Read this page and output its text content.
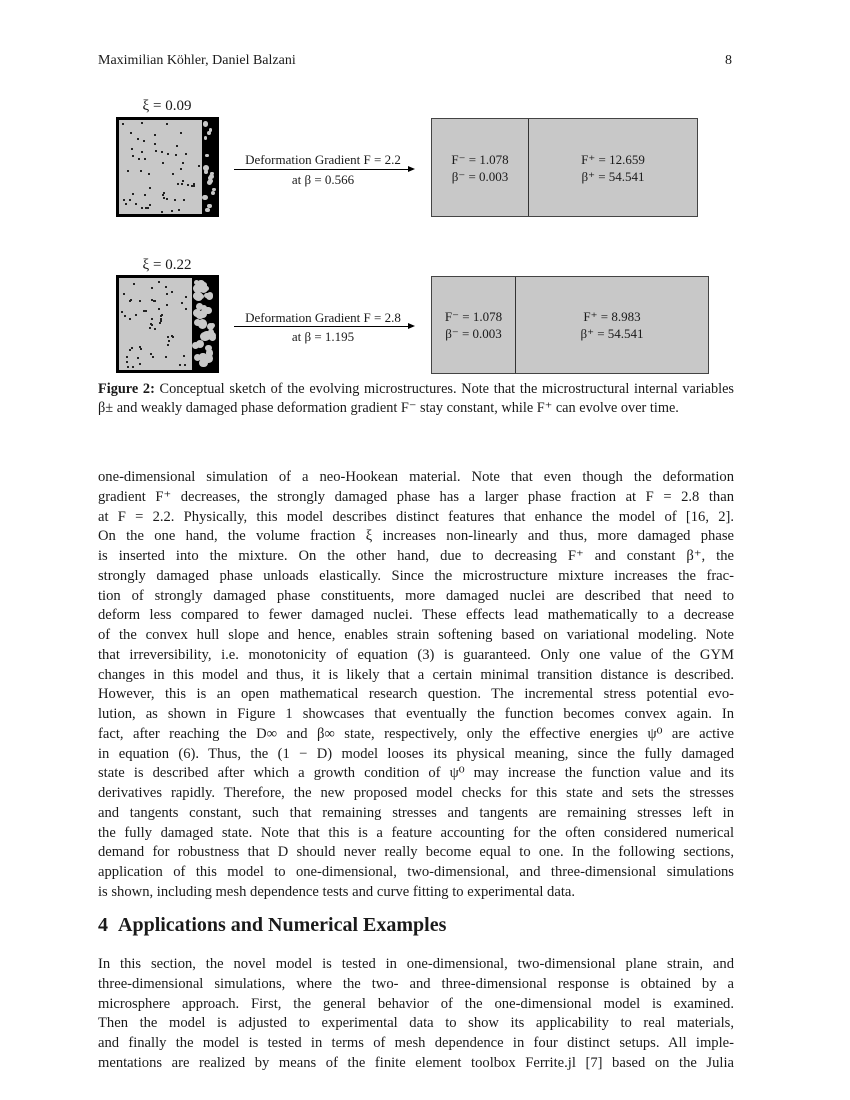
Maximilian Köhler, Daniel Balzani	8
ξ = 0.09
Deformation Gradient F = 2.2
at β = 0.566
F⁻ = 1.078
β⁻ = 0.003
F⁺ = 12.659
β⁺ = 54.541
ξ = 0.22
Deformation Gradient F = 2.8
at β = 1.195
F⁻ = 1.078
β⁻ = 0.003
F⁺ = 8.983
β⁺ = 54.541
Figure 2: Conceptual sketch of the evolving microstructures. Note that the microstructural internal variables β± and weakly damaged phase deformation gradient F⁻ stay constant, while F⁺ can evolve over time.
one-dimensional simulation of a neo-Hookean material. Note that even though the deformation
gradient F⁺ decreases, the strongly damaged phase has a larger phase fraction at F = 2.8 than
at F = 2.2. Physically, this model describes distinct features that enhance the model of [16, 2].
On the one hand, the volume fraction ξ increases non-linearly and thus, more damaged phase
is inserted into the mixture. On the other hand, due to decreasing F⁺ and constant β⁺, the
strongly damaged phase unloads elastically. Since the microstructure mixture increases the frac-
tion of strongly damaged phase constituents, more damaged nuclei are described that need to
deform less compared to fewer damaged nuclei. These effects lead mathematically to a decrease
of the convex hull slope and hence, enables strain softening based on variational modeling. Note
that irreversibility, i.e. monotonicity of equation (3) is guaranteed. Only one value of the GYM
changes in this model and thus, it is likely that a certain minimal transition distance is described.
However, this is an open mathematical research question. The incremental stress potential evo-
lution, as shown in Figure 1 showcases that eventually the function becomes convex again. In
fact, after reaching the D∞ and β∞ state, respectively, only the effective energies ψ⁰ are active
in equation (6). Thus, the (1 − D) model looses its physical meaning, since the fully damaged
state is described after which a growth condition of ψ⁰ may increase the function value and its
derivatives rapidly. Therefore, the new proposed model checks for this state and sets the stresses
and tangents constant, such that remaining stresses and tangents are remaining stresses left in
the fully damaged state. Note that this is a feature accounting for the often considered numerical
demand for robustness that D should never really become equal to one. In the following sections,
application of this model to one-dimensional, two-dimensional, and three-dimensional simulations
is shown, including mesh dependence tests and curve fitting to experimental data.
4 Applications and Numerical Examples
In this section, the novel model is tested in one-dimensional, two-dimensional plane strain, and
three-dimensional simulations, where the two- and three-dimensional response is obtained by a
microsphere approach. First, the general behavior of the one-dimensional model is examined.
Then the model is adjusted to experimental data to show its applicability to real materials,
and finally the model is tested in terms of mesh dependence in four distinct setups. All imple-
mentations are realized by means of the finite element toolbox Ferrite.jl [7] based on the Julia
